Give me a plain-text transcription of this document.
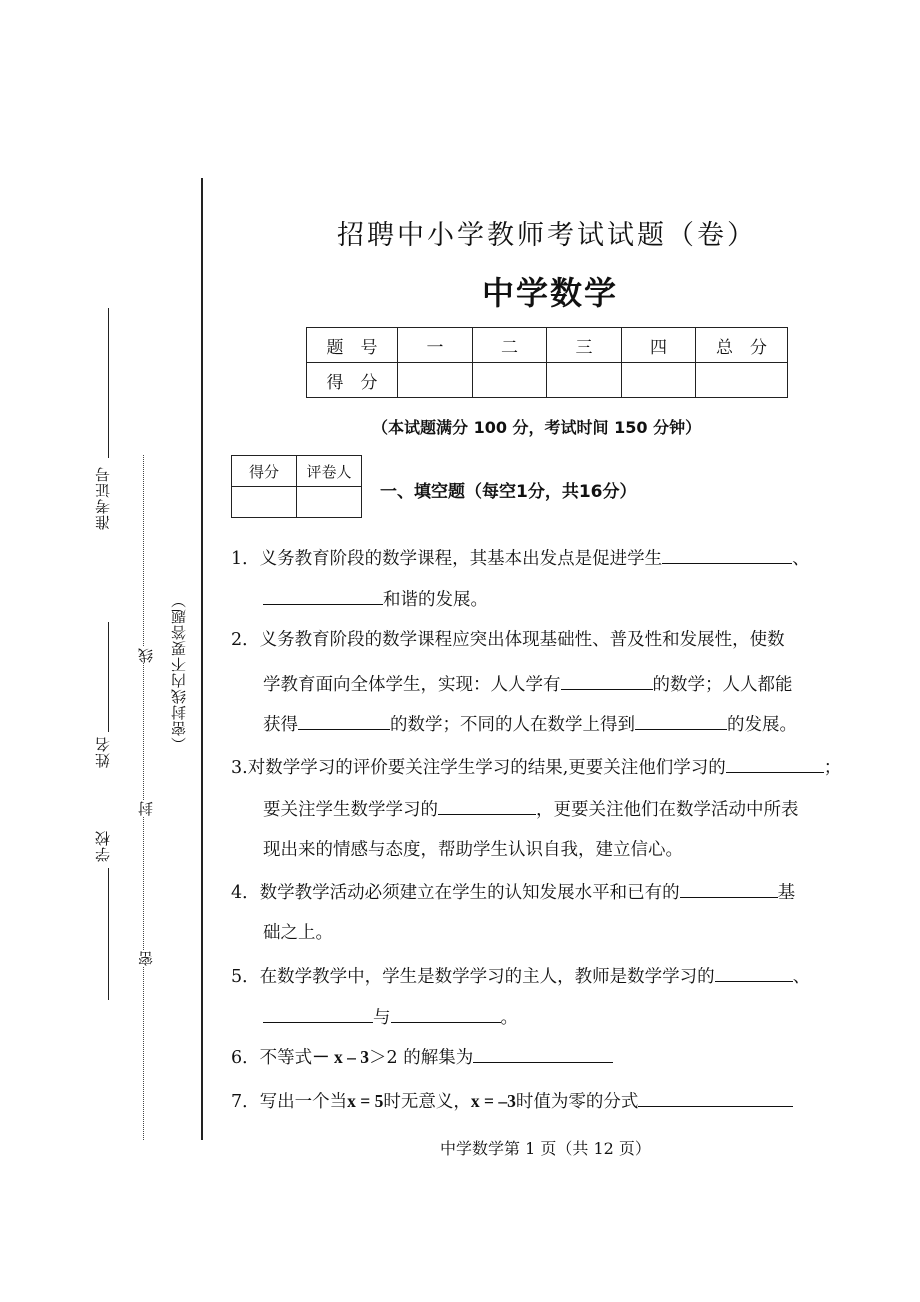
准考证号
姓名
学校
线
封
密
（密封线内不要答题）
招聘中小学教师考试试题（卷）
中学数学
题　号	一	二	三	四	总　分
得　分					
（本试题满分 100 分，考试时间 150 分钟）
得分	评卷人

一、填空题（每空1分，共16分）
1．义务教育阶段的数学课程，其基本出发点是促进学生	、
和谐的发展。
2．义务教育阶段的数学课程应突出体现基础性、普及性和发展性，使数
学教育面向全体学生，实现：人人学有	的数学；人人都能
获得	的数学；不同的人在数学上得到	的发展。
3.对数学学习的评价要关注学生学习的结果,更要关注他们学习的	；
要关注学生数学学习的	，更要关注他们在数学活动中所表
现出来的情感与态度，帮助学生认识自我，建立信心。
4．数学教学活动必须建立在学生的认知发展水平和已有的	基
础之上。
5．在数学教学中，学生是数学学习的主人，教师是数学学习的	、
与	。
6．不等式－ x – 3＞2 的解集为
7．写出一个当x = 5时无意义，x = –3时值为零的分式
中学数学第 1 页（共 12 页）
